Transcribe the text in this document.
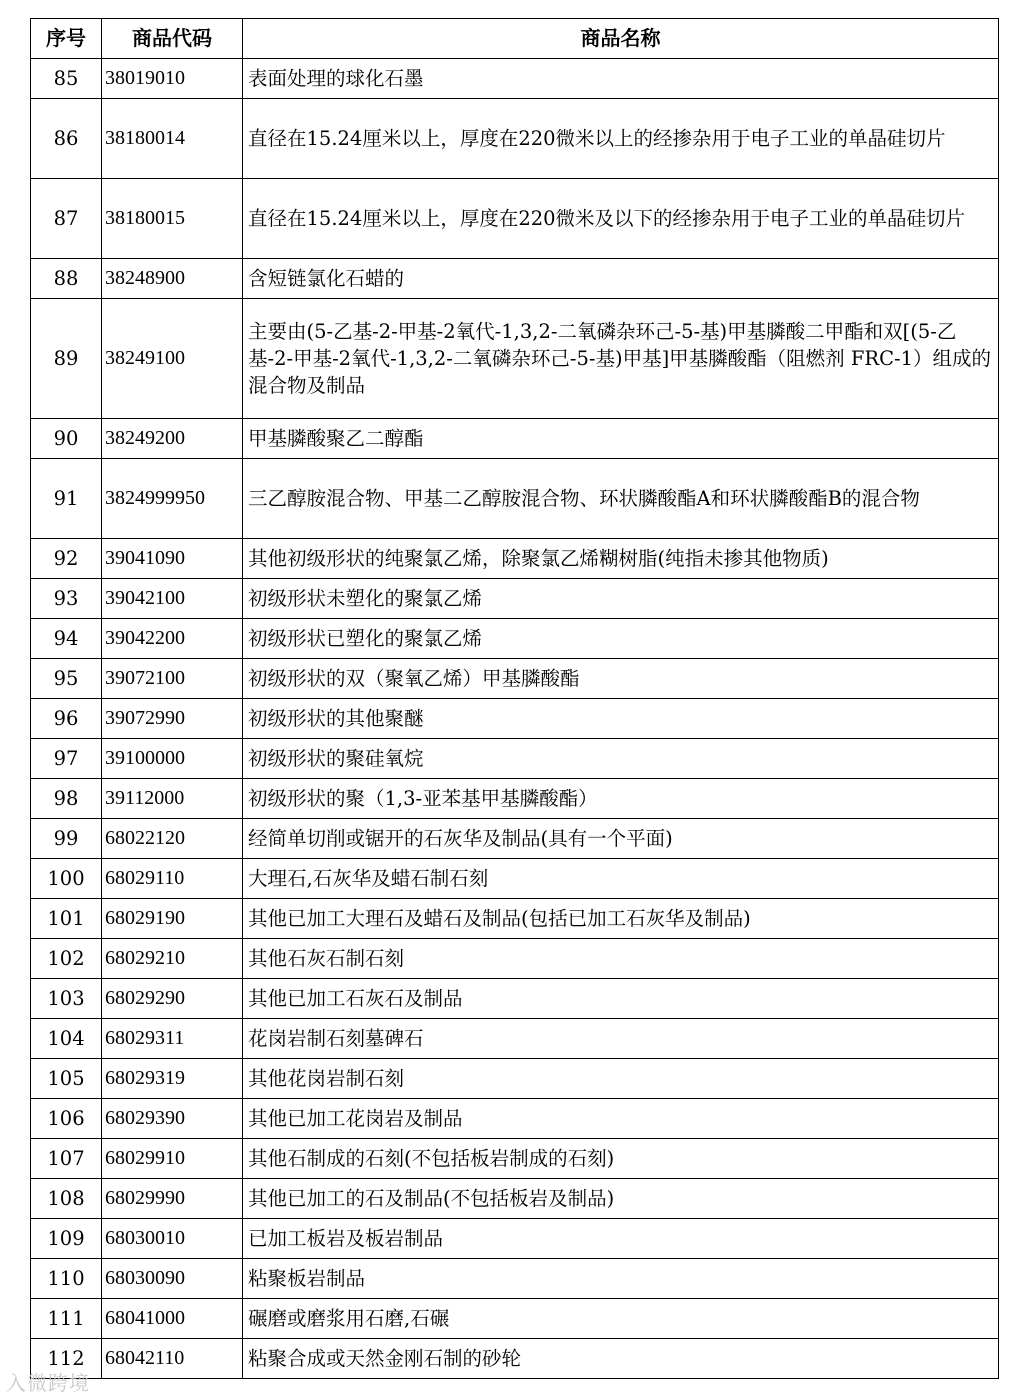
序号	商品代码	商品名称
85	38019010	表面处理的球化石墨
86	38180014	直径在15.24厘米以上，厚度在220微米以上的经掺杂用于电子工业的单晶硅切片
87	38180015	直径在15.24厘米以上，厚度在220微米及以下的经掺杂用于电子工业的单晶硅切片
88	38248900	含短链氯化石蜡的
89	38249100	主要由(5-乙基-2-甲基-2氧代-1,3,2-二氧磷杂环己-5-基)甲基膦酸二甲酯和双[(5-乙基-2-甲基-2氧代-1,3,2-二氧磷杂环己-5-基)甲基]甲基膦酸酯（阻燃剂 FRC-1）组成的混合物及制品
90	38249200	甲基膦酸聚乙二醇酯
91	3824999950	三乙醇胺混合物、甲基二乙醇胺混合物、环状膦酸酯A和环状膦酸酯B的混合物
92	39041090	其他初级形状的纯聚氯乙烯，除聚氯乙烯糊树脂(纯指未掺其他物质)
93	39042100	初级形状未塑化的聚氯乙烯
94	39042200	初级形状已塑化的聚氯乙烯
95	39072100	初级形状的双（聚氧乙烯）甲基膦酸酯
96	39072990	初级形状的其他聚醚
97	39100000	初级形状的聚硅氧烷
98	39112000	初级形状的聚（1,3-亚苯基甲基膦酸酯）
99	68022120	经简单切削或锯开的石灰华及制品(具有一个平面)
100	68029110	大理石,石灰华及蜡石制石刻
101	68029190	其他已加工大理石及蜡石及制品(包括已加工石灰华及制品)
102	68029210	其他石灰石制石刻
103	68029290	其他已加工石灰石及制品
104	68029311	花岗岩制石刻墓碑石
105	68029319	其他花岗岩制石刻
106	68029390	其他已加工花岗岩及制品
107	68029910	其他石制成的石刻(不包括板岩制成的石刻)
108	68029990	其他已加工的石及制品(不包括板岩及制品)
109	68030010	已加工板岩及板岩制品
110	68030090	粘聚板岩制品
111	68041000	碾磨或磨浆用石磨,石碾
112	68042110	粘聚合成或天然金刚石制的砂轮
入微跨境
